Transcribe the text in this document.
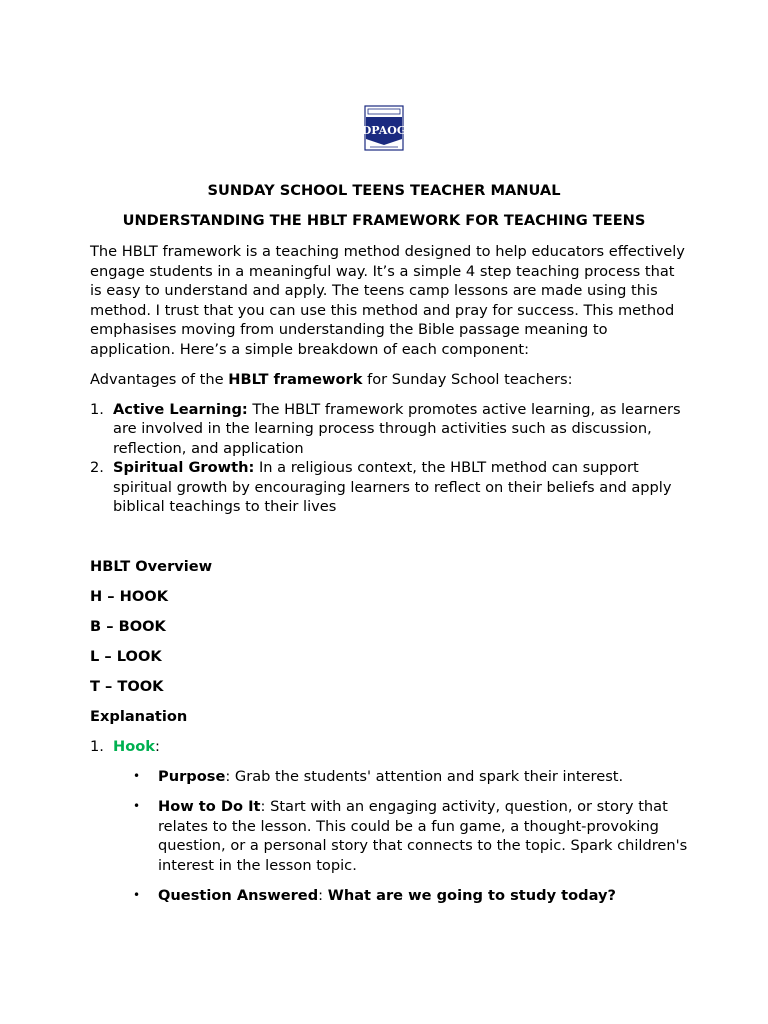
DPAOG
SUNDAY SCHOOL TEENS TEACHER MANUAL
UNDERSTANDING THE HBLT FRAMEWORK FOR TEACHING TEENS

The HBLT framework is a teaching method designed to help educators effectively engage students in a meaningful way. It’s a simple 4 step teaching process that is easy to understand and apply. The teens camp lessons are made using this method. I trust that you can use this method and pray for success. This method emphasises moving from understanding the Bible passage meaning to application. Here’s a simple breakdown of each component:

Advantages of the HBLT framework for Sunday School teachers:

1. Active Learning: The HBLT framework promotes active learning, as learners are involved in the learning process through activities such as discussion, reflection, and application
2. Spiritual Growth: In a religious context, the HBLT method can support spiritual growth by encouraging learners to reflect on their beliefs and apply biblical teachings to their lives
HBLT Overview
H – HOOK
B – BOOK
L – LOOK
T – TOOK
Explanation
1. Hook:
• Purpose: Grab the students' attention and spark their interest.
• How to Do It: Start with an engaging activity, question, or story that relates to the lesson. This could be a fun game, a thought-provoking question, or a personal story that connects to the topic. Spark children's interest in the lesson topic.
• Question Answered: What are we going to study today?
